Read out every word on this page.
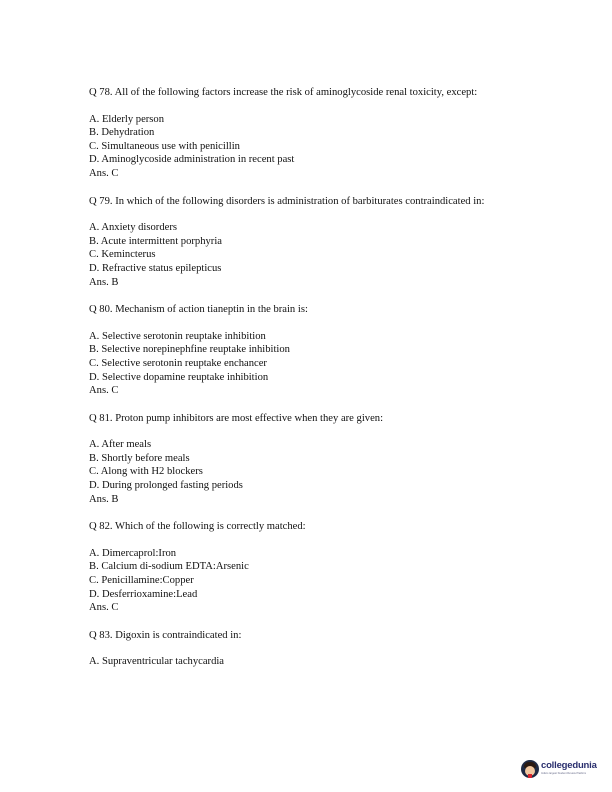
Q 78. All of the following factors increase the risk of aminoglycoside renal toxicity, except:
A. Elderly person
B. Dehydration
C. Simultaneous use with penicillin
D. Aminoglycoside administration in recent past
Ans. C
Q 79. In which of the following disorders is administration of barbiturates contraindicated in:
A. Anxiety disorders
B. Acute intermittent porphyria
C. Kemincterus
D. Refractive status epilepticus
Ans. B
Q 80. Mechanism of action tianeptin in the brain is:
A. Selective serotonin reuptake inhibition
B. Selective norepinephfine reuptake inhibition
C. Selective serotonin reuptake enchancer
D. Selective dopamine reuptake inhibition
Ans. C
Q 81. Proton pump inhibitors are most effective when they are given:
A. After meals
B. Shortly before meals
C. Along with H2 blockers
D. During prolonged fasting periods
Ans. B
Q 82. Which of the following is correctly matched:
A. Dimercaprol:Iron
B. Calcium di-sodium EDTA:Arsenic
C. Penicillamine:Copper
D. Desferrioxamine:Lead
Ans. C
Q 83. Digoxin is contraindicated in:
A. Supraventricular tachycardia
collegedunia
India's largest Student Review Platform
